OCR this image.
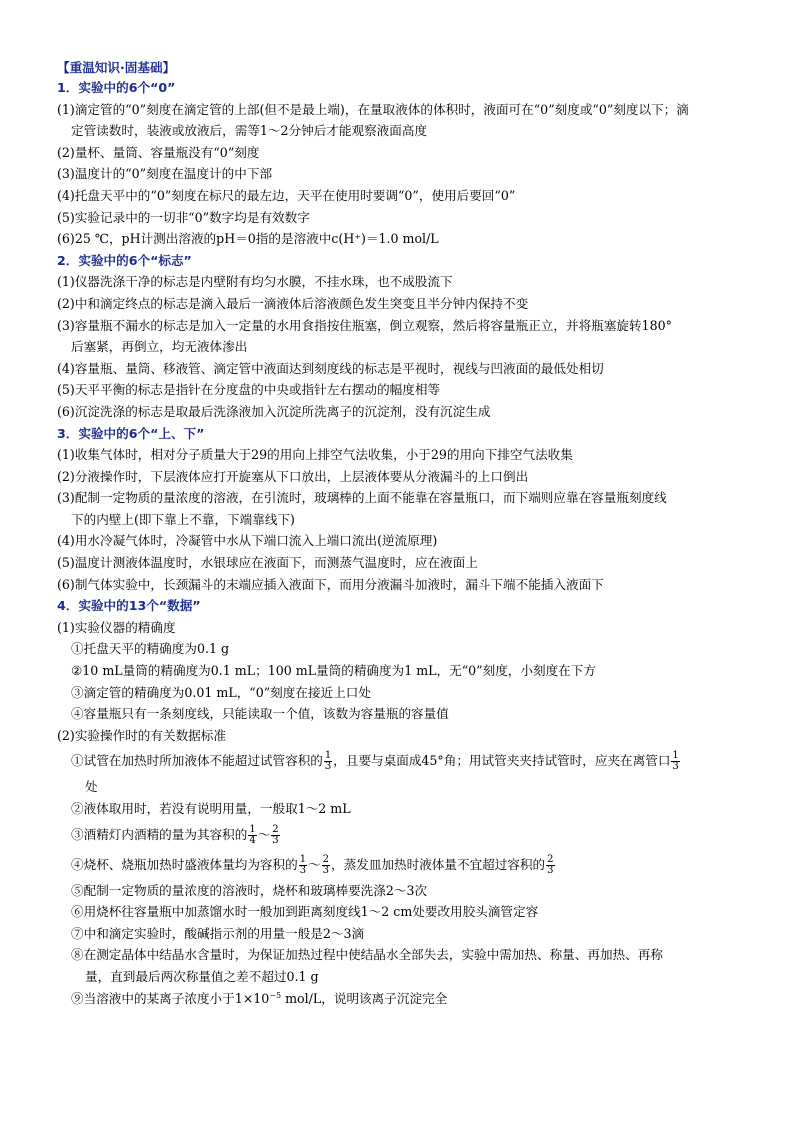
【重温知识·固基础】
1．实验中的6个“0”
(1)滴定管的“0”刻度在滴定管的上部(但不是最上端)，在量取液体的体积时，液面可在“0”刻度或“0”刻度以下；滴
定管读数时，装液或放液后，需等1～2分钟后才能观察液面高度
(2)量杯、量筒、容量瓶没有“0”刻度
(3)温度计的“0”刻度在温度计的中下部
(4)托盘天平中的“0”刻度在标尺的最左边，天平在使用时要调“0”，使用后要回“0”
(5)实验记录中的一切非“0”数字均是有效数字
(6)25 ℃，pH计测出溶液的pH＝0指的是溶液中c(H⁺)＝1.0 mol/L
2．实验中的6个“标志”
(1)仪器洗涤干净的标志是内壁附有均匀水膜，不挂水珠，也不成股流下
(2)中和滴定终点的标志是滴入最后一滴液体后溶液颜色发生突变且半分钟内保持不变
(3)容量瓶不漏水的标志是加入一定量的水用食指按住瓶塞，倒立观察，然后将容量瓶正立，并将瓶塞旋转180°
后塞紧，再倒立，均无液体渗出
(4)容量瓶、量筒、移液管、滴定管中液面达到刻度线的标志是平视时，视线与凹液面的最低处相切
(5)天平平衡的标志是指针在分度盘的中央或指针左右摆动的幅度相等
(6)沉淀洗涤的标志是取最后洗涤液加入沉淀所洗离子的沉淀剂，没有沉淀生成
3．实验中的6个“上、下”
(1)收集气体时，相对分子质量大于29的用向上排空气法收集，小于29的用向下排空气法收集
(2)分液操作时，下层液体应打开旋塞从下口放出，上层液体要从分液漏斗的上口倒出
(3)配制一定物质的量浓度的溶液，在引流时，玻璃棒的上面不能靠在容量瓶口，而下端则应靠在容量瓶刻度线
下的内壁上(即下靠上不靠，下端靠线下)
(4)用水冷凝气体时，冷凝管中水从下端口流入上端口流出(逆流原理)
(5)温度计测液体温度时，水银球应在液面下，而测蒸气温度时，应在液面上
(6)制气体实验中，长颈漏斗的末端应插入液面下，而用分液漏斗加液时，漏斗下端不能插入液面下
4．实验中的13个“数据”
(1)实验仪器的精确度
①托盘天平的精确度为0.1 g
②10 mL量筒的精确度为0.1 mL；100 mL量筒的精确度为1 mL，无“0”刻度，小刻度在下方
③滴定管的精确度为0.01 mL，“0”刻度在接近上口处
④容量瓶只有一条刻度线，只能读取一个值，该数为容量瓶的容量值
(2)实验操作时的有关数据标准
①试管在加热时所加液体不能超过试管容积的 $\frac{1}{3}$ ，且要与桌面成45°角；用试管夹夹持试管时，应夹在离管口 $\frac{1}{3}$
处
②液体取用时，若没有说明用量，一般取1～2 mL
③酒精灯内酒精的量为其容积的 $\frac{1}{4}$ ～ $\frac{2}{3}$
④烧杯、烧瓶加热时盛液体量均为容积的 $\frac{1}{3}$ ～ $\frac{2}{3}$ ，蒸发皿加热时液体量不宜超过容积的 $\frac{2}{3}$
⑤配制一定物质的量浓度的溶液时，烧杯和玻璃棒要洗涤2～3次
⑥用烧杯往容量瓶中加蒸馏水时一般加到距离刻度线1～2 cm处要改用胶头滴管定容
⑦中和滴定实验时，酸碱指示剂的用量一般是2～3滴
⑧在测定晶体中结晶水含量时，为保证加热过程中使结晶水全部失去，实验中需加热、称量、再加热、再称
量，直到最后两次称量值之差不超过0.1 g
⑨当溶液中的某离子浓度小于$1\times 10^{-5}$ mol/L，说明该离子沉淀完全
